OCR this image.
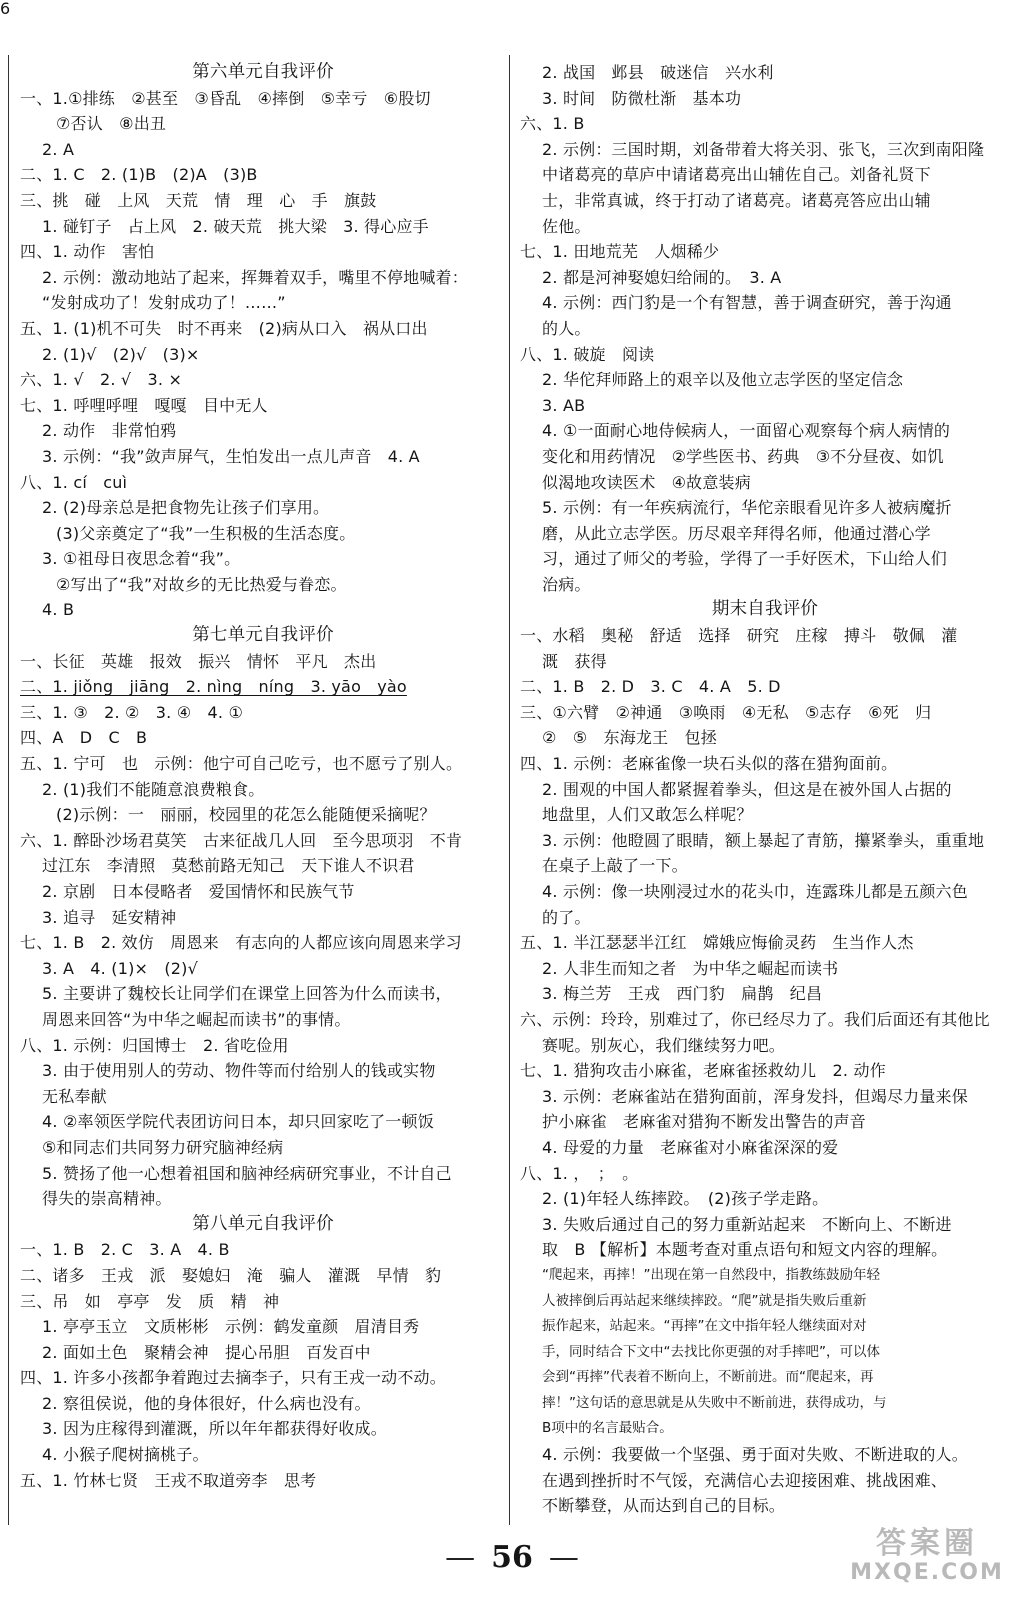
6
第六单元自我评价
一、1.①排练　②甚至　③昏乱　④摔倒　⑤幸亏　⑥股切
⑦否认　⑧出丑
2. A
二、1. C　2. (1)B　(2)A　(3)B
三、挑　碰　上风　天荒　情　理　心　手　旗鼓
1. 碰钉子　占上风　2. 破天荒　挑大梁　3. 得心应手
四、1. 动作　害怕
2. 示例：激动地站了起来，挥舞着双手，嘴里不停地喊着：
“发射成功了！发射成功了！……”
五、1. (1)机不可失　时不再来　(2)病从口入　祸从口出
2. (1)√　(2)√　(3)×
六、1. √　2. √　3. ×
七、1. 呼哩呼哩　嘎嘎　目中无人
2. 动作　非常怕鸦
3. 示例：“我”敛声屏气，生怕发出一点儿声音　4. A
八、1. cí　cuì
2. (2)母亲总是把食物先让孩子们享用。
(3)父亲奠定了“我”一生积极的生活态度。
3. ①祖母日夜思念着“我”。
②写出了“我”对故乡的无比热爱与眷恋。
4. B
第七单元自我评价
一、长征　英雄　报效　振兴　情怀　平凡　杰出
二、1. jiǒng　jiāng　2. nìng　níng　3. yāo　yào
三、1. ③　2. ②　3. ④　4. ①
四、A　D　C　B
五、1. 宁可　也　示例：他宁可自己吃亏，也不愿亏了别人。
2. (1)我们不能随意浪费粮食。
(2)示例：一　丽丽，校园里的花怎么能随便采摘呢？
六、1. 醉卧沙场君莫笑　古来征战几人回　至今思项羽　不肯
过江东　李清照　莫愁前路无知己　天下谁人不识君
2. 京剧　日本侵略者　爱国情怀和民族气节
3. 追寻　延安精神
七、1. B　2. 效仿　周恩来　有志向的人都应该向周恩来学习
3. A　4. (1)×　(2)√
5. 主要讲了魏校长让同学们在课堂上回答为什么而读书，
周恩来回答“为中华之崛起而读书”的事情。
八、1. 示例：归国博士　2. 省吃俭用
3. 由于使用别人的劳动、物件等而付给别人的钱或实物
无私奉献
4. ②率领医学院代表团访问日本，却只回家吃了一顿饭
⑤和同志们共同努力研究脑神经病
5. 赞扬了他一心想着祖国和脑神经病研究事业，不计自己
得失的崇高精神。
第八单元自我评价
一、1. B　2. C　3. A　4. B
二、诸多　王戎　派　娶媳妇　淹　骗人　灌溉　早情　豹
三、吊　如　亭亭　发　质　精　神
1. 亭亭玉立　文质彬彬　示例：鹤发童颜　眉清目秀
2. 面如土色　聚精会神　提心吊胆　百发百中
四、1. 许多小孩都争着跑过去摘李子，只有王戎一动不动。
2. 察徂侯说，他的身体很好，什么病也没有。
3. 因为庄稼得到灌溉，所以年年都获得好收成。
4. 小猴子爬树摘桃子。
五、1. 竹林七贤　王戎不取道旁李　思考
2. 战国　邺县　破迷信　兴水利
3. 时间　防微杜渐　基本功
六、1. B
2. 示例：三国时期，刘备带着大将关羽、张飞，三次到南阳隆
中诸葛亮的草庐中请诸葛亮出山辅佐自己。刘备礼贤下
士，非常真诚，终于打动了诸葛亮。诸葛亮答应出山辅
佐他。
七、1. 田地荒芜　人烟稀少
2. 都是河神娶媳妇给闹的。　3. A
4. 示例：西门豹是一个有智慧，善于调查研究，善于沟通
的人。
八、1. 破旋　阅读
2. 华佗拜师路上的艰辛以及他立志学医的坚定信念
3. AB
4. ①一面耐心地侍候病人，一面留心观察每个病人病情的
变化和用药情况　②学些医书、药典　③不分昼夜、如饥
似渴地攻读医术　④故意装病
5. 示例：有一年疾病流行，华佗亲眼看见许多人被病魔折
磨，从此立志学医。历尽艰辛拜得名师，他通过潜心学
习，通过了师父的考验，学得了一手好医术，下山给人们
治病。
期末自我评价
一、水稻　奥秘　舒适　选择　研究　庄稼　搏斗　敬佩　灌
溉　获得
二、1. B　2. D　3. C　4. A　5. D
三、①六臂　②神通　③唤雨　④无私　⑤志存　⑥死　归
②　⑤　东海龙王　包拯
四、1. 示例：老麻雀像一块石头似的落在猎狗面前。
2. 围观的中国人都紧握着拳头，但这是在被外国人占据的
地盘里，人们又敢怎么样呢？
3. 示例：他瞪圆了眼睛，额上暴起了青筋，攥紧拳头，重重地
在桌子上敲了一下。
4. 示例：像一块刚浸过水的花头巾，连露珠儿都是五颜六色
的了。
五、1. 半江瑟瑟半江红　嫦娥应悔偷灵药　生当作人杰
2. 人非生而知之者　为中华之崛起而读书
3. 梅兰芳　王戎　西门豹　扁鹊　纪昌
六、示例：玲玲，别难过了，你已经尽力了。我们后面还有其他比
赛呢。别灰心，我们继续努力吧。
七、1. 猎狗攻击小麻雀，老麻雀拯救幼儿　2. 动作
3. 示例：老麻雀站在猎狗面前，浑身发抖，但竭尽力量来保
护小麻雀　老麻雀对猎狗不断发出警告的声音
4. 母爱的力量　老麻雀对小麻雀深深的爱
八、1. ，　；　。
2. (1)年轻人练摔跤。　(2)孩子学走路。
3. 失败后通过自己的努力重新站起来　不断向上、不断进
取　B 【解析】本题考查对重点语句和短文内容的理解。
“爬起来，再摔！”出现在第一自然段中，指教练鼓励年轻
人被摔倒后再站起来继续摔跤。“爬”就是指失败后重新
振作起来，站起来。“再摔”在文中指年轻人继续面对对
手，同时结合下文中“去找比你更强的对手摔吧”，可以体
会到“再摔”代表着不断向上，不断前进。而“爬起来，再
摔！”这句话的意思就是从失败中不断前进，获得成功，与
B项中的名言最贴合。
4. 示例：我要做一个坚强、勇于面对失败、不断进取的人。
在遇到挫折时不气馁，充满信心去迎接困难、挑战困难、
不断攀登，从而达到自己的目标。
— 56 —	答案圈
MXQE.COM
